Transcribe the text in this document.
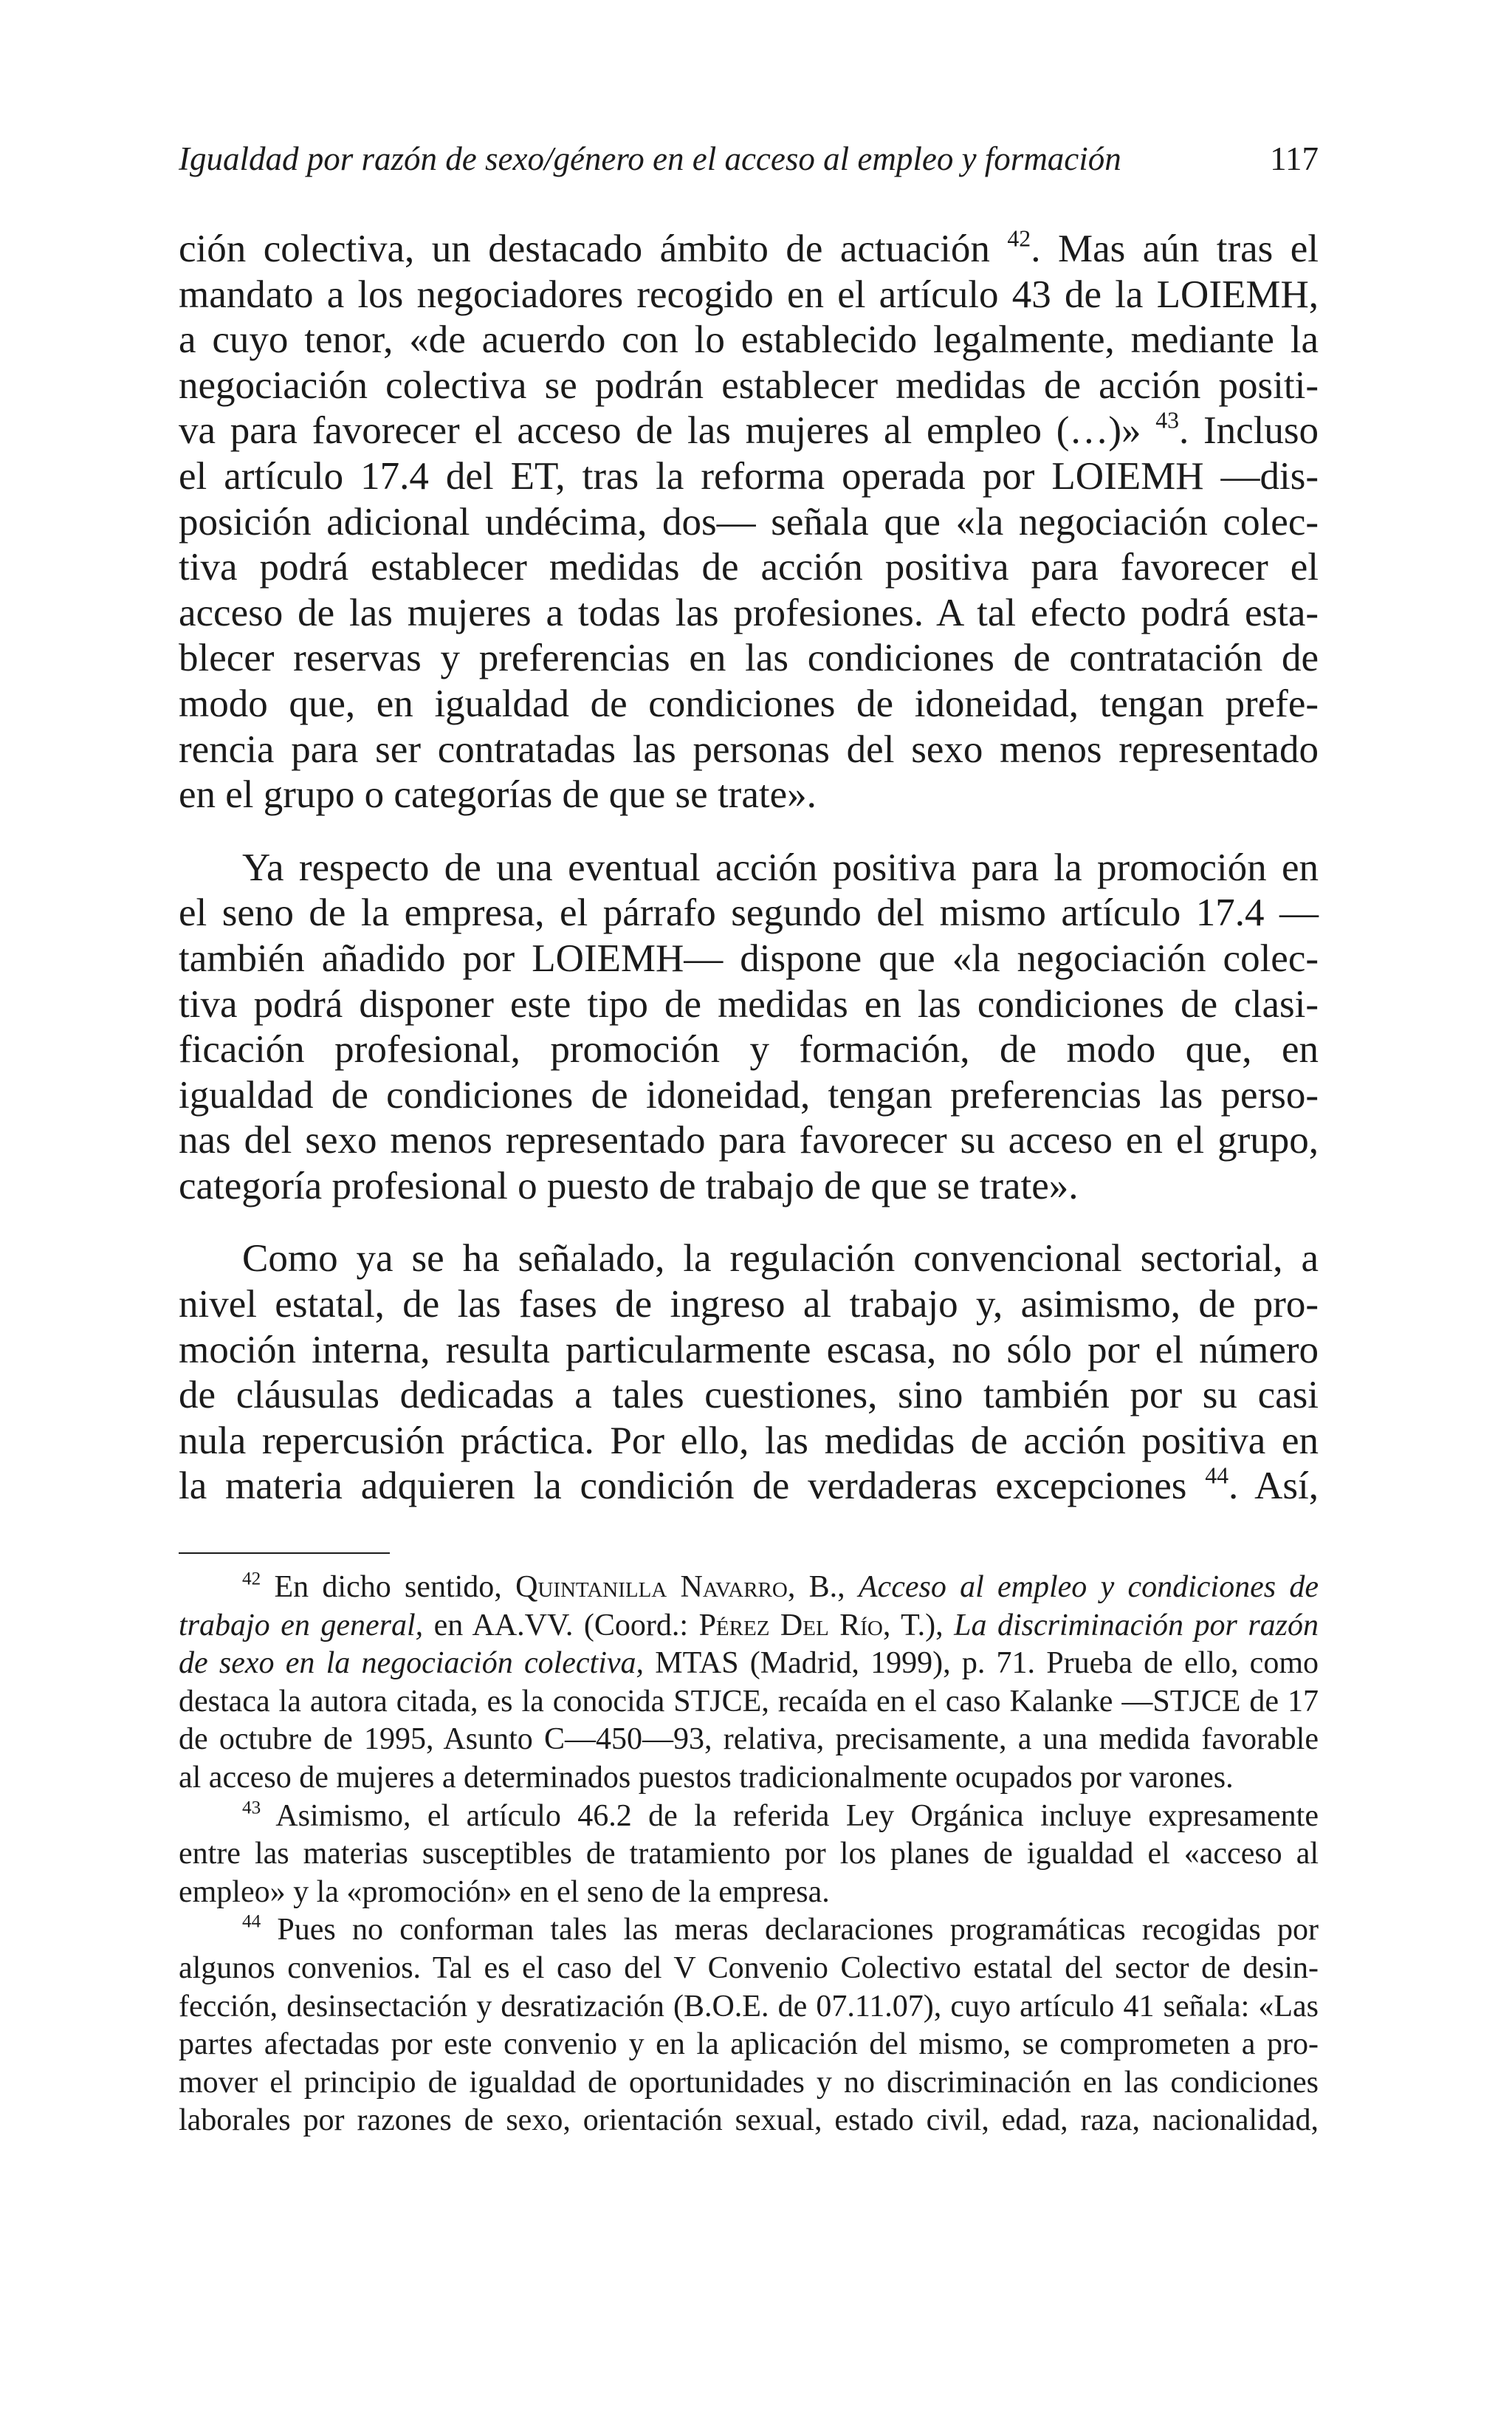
Igualdad por razón de sexo/género en el acceso al empleo y formación	117
ción colectiva, un destacado ámbito de actuación $^{42}$. Mas aún tras el
mandato a los negociadores recogido en el artículo 43 de la LOIEMH,
a cuyo tenor, «de acuerdo con lo establecido legalmente, mediante la
negociación colectiva se podrán establecer medidas de acción positi-
va para favorecer el acceso de las mujeres al empleo (…)» $^{43}$. Incluso
el artículo 17.4 del ET, tras la reforma operada por LOIEMH —dis-
posición adicional undécima, dos— señala que «la negociación colec-
tiva podrá establecer medidas de acción positiva para favorecer el
acceso de las mujeres a todas las profesiones. A tal efecto podrá esta-
blecer reservas y preferencias en las condiciones de contratación de
modo que, en igualdad de condiciones de idoneidad, tengan prefe-
rencia para ser contratadas las personas del sexo menos representado
en el grupo o categorías de que se trate».
Ya respecto de una eventual acción positiva para la promoción en
el seno de la empresa, el párrafo segundo del mismo artículo 17.4 —
también añadido por LOIEMH— dispone que «la negociación colec-
tiva podrá disponer este tipo de medidas en las condiciones de clasi-
ficación profesional, promoción y formación, de modo que, en
igualdad de condiciones de idoneidad, tengan preferencias las perso-
nas del sexo menos representado para favorecer su acceso en el grupo,
categoría profesional o puesto de trabajo de que se trate».
Como ya se ha señalado, la regulación convencional sectorial, a
nivel estatal, de las fases de ingreso al trabajo y, asimismo, de pro-
moción interna, resulta particularmente escasa, no sólo por el número
de cláusulas dedicadas a tales cuestiones, sino también por su casi
nula repercusión práctica. Por ello, las medidas de acción positiva en
la materia adquieren la condición de verdaderas excepciones $^{44}$. Así,
$^{42}$ En dicho sentido, Quintanilla Navarro, B., Acceso al empleo y condiciones de
trabajo en general, en AA.VV. (Coord.: Pérez Del Río, T.), La discriminación por razón
de sexo en la negociación colectiva, MTAS (Madrid, 1999), p. 71. Prueba de ello, como
destaca la autora citada, es la conocida STJCE, recaída en el caso Kalanke —STJCE de 17
de octubre de 1995, Asunto C—450—93, relativa, precisamente, a una medida favorable
al acceso de mujeres a determinados puestos tradicionalmente ocupados por varones.
$^{43}$ Asimismo, el artículo 46.2 de la referida Ley Orgánica incluye expresamente
entre las materias susceptibles de tratamiento por los planes de igualdad el «acceso al
empleo» y la «promoción» en el seno de la empresa.
$^{44}$ Pues no conforman tales las meras declaraciones programáticas recogidas por
algunos convenios. Tal es el caso del V Convenio Colectivo estatal del sector de desin-
fección, desinsectación y desratización (B.O.E. de 07.11.07), cuyo artículo 41 señala: «Las
partes afectadas por este convenio y en la aplicación del mismo, se comprometen a pro-
mover el principio de igualdad de oportunidades y no discriminación en las condiciones
laborales por razones de sexo, orientación sexual, estado civil, edad, raza, nacionalidad,
